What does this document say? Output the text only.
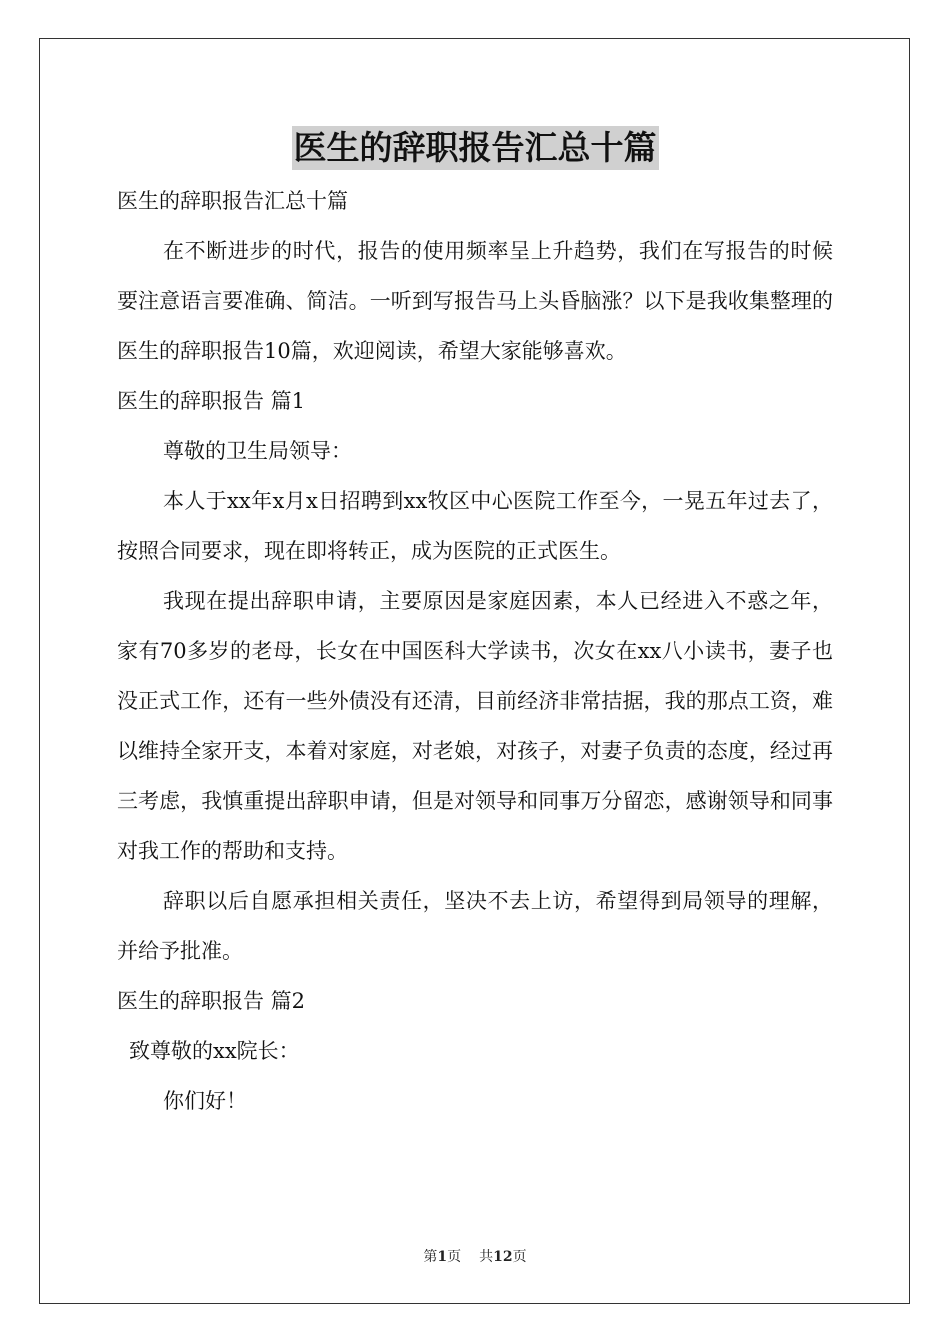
医生的辞职报告汇总十篇

医生的辞职报告汇总十篇

在不断进步的时代，报告的使用频率呈上升趋势，我们在写报告的时候要注意语言要准确、简洁。一听到写报告马上头昏脑涨？以下是我收集整理的医生的辞职报告10篇，欢迎阅读，希望大家能够喜欢。

医生的辞职报告 篇1

尊敬的卫生局领导：

本人于xx年x月x日招聘到xx牧区中心医院工作至今，一晃五年过去了，按照合同要求，现在即将转正，成为医院的正式医生。

我现在提出辞职申请，主要原因是家庭因素，本人已经进入不惑之年，家有70多岁的老母，长女在中国医科大学读书，次女在xx八小读书，妻子也没正式工作，还有一些外债没有还清，目前经济非常拮据，我的那点工资，难以维持全家开支，本着对家庭，对老娘，对孩子，对妻子负责的态度，经过再三考虑，我慎重提出辞职申请，但是对领导和同事万分留恋，感谢领导和同事对我工作的帮助和支持。

辞职以后自愿承担相关责任，坚决不去上访，希望得到局领导的理解，并给予批准。

医生的辞职报告 篇2

致尊敬的xx院长：

你们好！

第1页 共12页
